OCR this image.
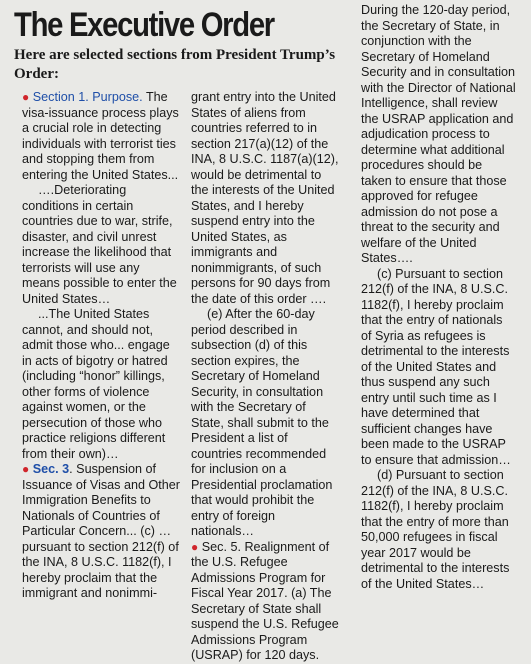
The Executive Order
Here are selected sections from President Trump’s Order:

● Section 1. Purpose. The visa-issuance process plays a crucial role in detecting individuals with terrorist ties and stopping them from entering the United States...

….Deteriorating conditions in certain countries due to war, strife, disaster, and civil unrest increase the likelihood that terrorists will use any means possible to enter the United States…

...The United States cannot, and should not, admit those who... engage in acts of bigotry or hatred (including “honor” killings, other forms of violence against women, or the persecution of those who practice religions different from their own)…

● Sec. 3. Suspension of Issuance of Visas and Other Immigration Benefits to Nationals of Countries of Particular Concern... (c) … pursuant to section 212(f) of the INA, 8 U.S.C. 1182(f), I hereby proclaim that the immigrant and nonimmi-

grant entry into the United States of aliens from countries referred to in section 217(a)(12) of the INA, 8 U.S.C. 1187(a)(12), would be detrimental to the interests of the United States, and I hereby suspend entry into the United States, as immigrants and nonimmigrants, of such persons for 90 days from the date of this order ….

(e) After the 60-day period described in subsection (d) of this section expires, the Secretary of Homeland Security, in consultation with the Secretary of State, shall submit to the President a list of countries recommended for inclusion on a Presidential proclamation that would prohibit the entry of foreign nationals…

● Sec. 5. Realignment of the U.S. Refugee Admissions Program for Fiscal Year 2017. (a) The Secretary of State shall suspend the U.S. Refugee Admissions Program (USRAP) for 120 days.

During the 120-day period, the Secretary of State, in conjunction with the Secretary of Homeland Security and in consultation with the Director of National Intelligence, shall review the USRAP application and adjudication process to determine what additional procedures should be taken to ensure that those approved for refugee admission do not pose a threat to the security and welfare of the United States….

(c) Pursuant to section 212(f) of the INA, 8 U.S.C. 1182(f), I hereby proclaim that the entry of nationals of Syria as refugees is detrimental to the interests of the United States and thus suspend any such entry until such time as I have determined that sufficient changes have been made to the USRAP to ensure that admission…

(d) Pursuant to section 212(f) of the INA, 8 U.S.C. 1182(f), I hereby proclaim that the entry of more than 50,000 refugees in fiscal year 2017 would be detrimental to the interests of the United States…
